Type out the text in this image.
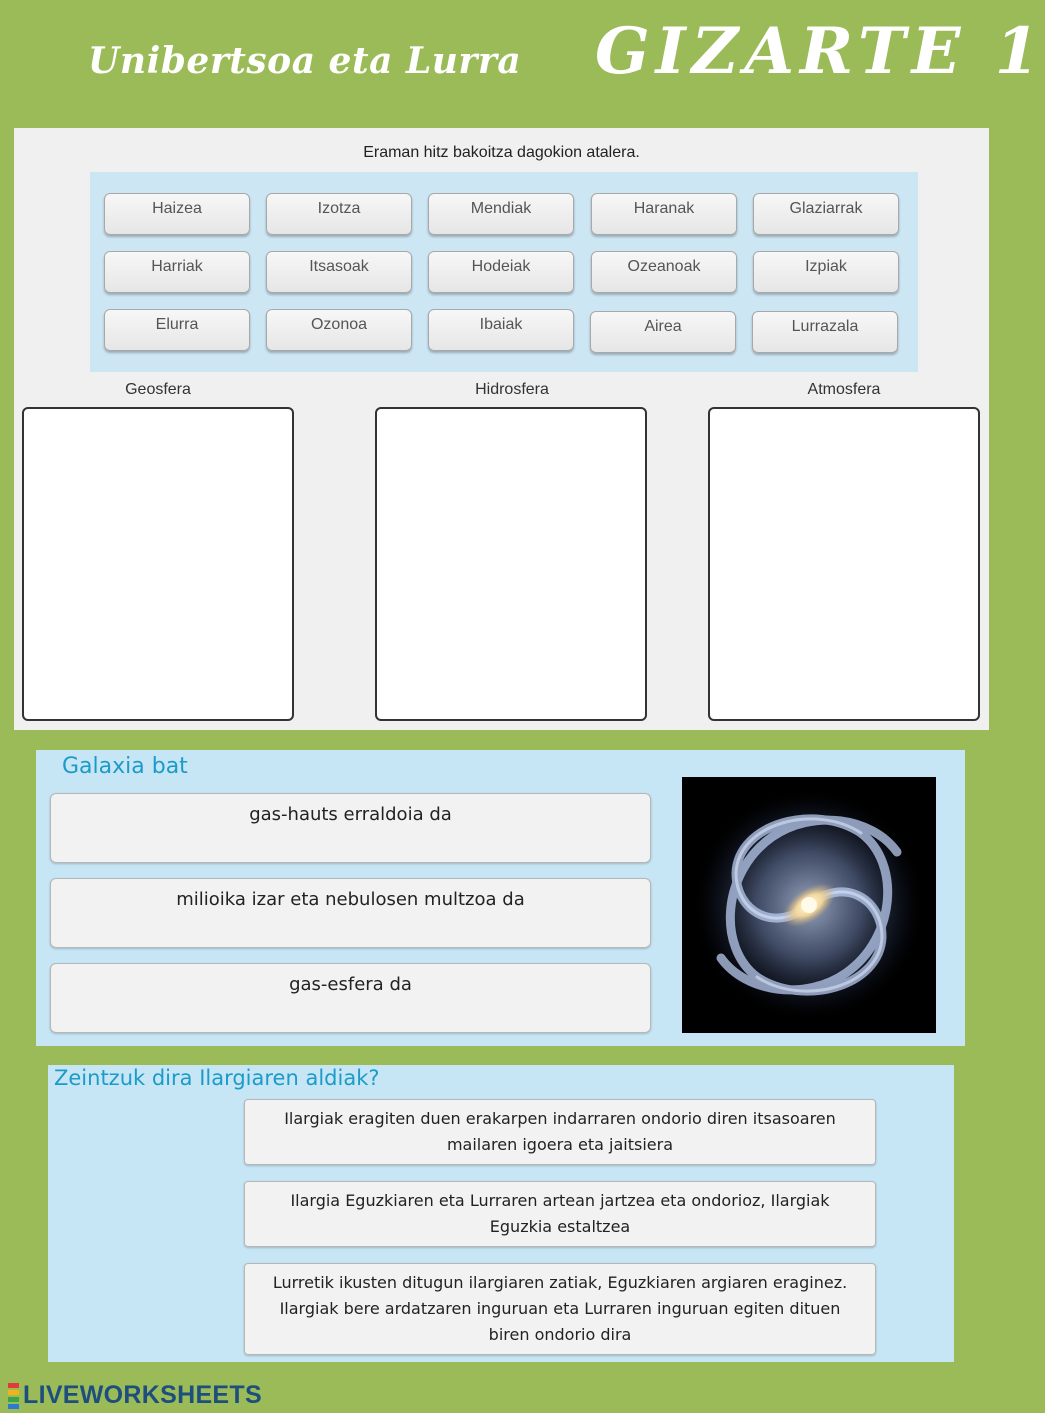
Unibertsoa eta Lurra GIZARTE 1
Eraman hitz bakoitza dagokion atalera.
Haizea	Izotza	Mendiak	Haranak	Glaziarrak
Harriak	Itsasoak	Hodeiak	Ozeanoak	Izpiak
Elurra	Ozonoa	Ibaiak	Airea	Lurrazala
Geosfera	Hidrosfera	Atmosfera
Galaxia bat
gas-hauts erraldoia da
milioika izar eta nebulosen multzoa da
gas-esfera da
Zeintzuk dira Ilargiaren aldiak?
Ilargiak eragiten duen erakarpen indarraren ondorio diren itsasoaren mailaren igoera eta jaitsiera
Ilargia Eguzkiaren eta Lurraren artean jartzea eta ondorioz, Ilargiak Eguzkia estaltzea
Lurretik ikusten ditugun ilargiaren zatiak, Eguzkiaren argiaren eraginez. Ilargiak bere ardatzaren inguruan eta Lurraren inguruan egiten dituen biren ondorio dira
LIVEWORKSHEETS
